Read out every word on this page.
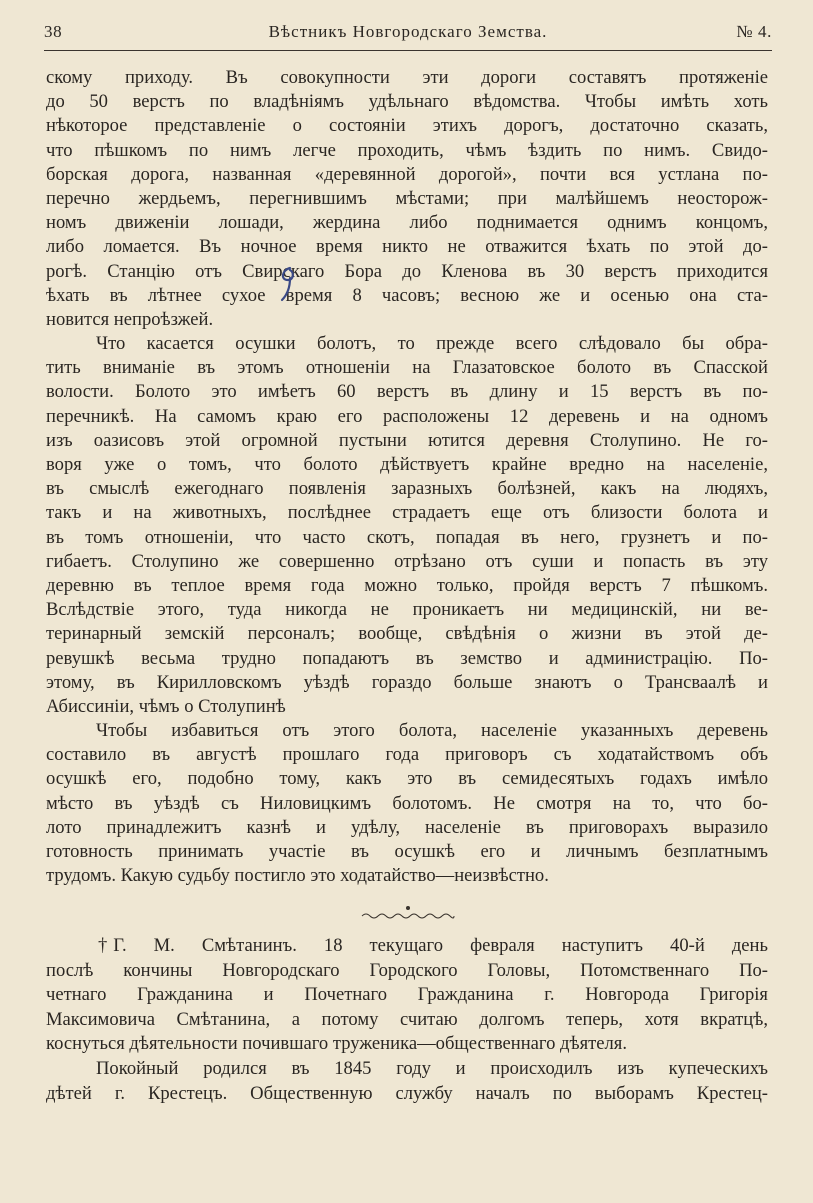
38	Вѣстникъ Новгородскаго Земства.	№ 4.
скому приходу. Въ совокупности эти дороги составятъ протяженіе
до 50 верстъ по владѣніямъ удѣльнаго вѣдомства. Чтобы имѣть хоть
нѣкоторое представленіе о состояніи этихъ дорогъ, достаточно сказать,
что пѣшкомъ по нимъ легче проходить, чѣмъ ѣздить по нимъ. Свидо-
борская дорога, названная «деревянной дорогой», почти вся устлана по-
перечно жердьемъ, перегнившимъ мѣстами; при малѣйшемъ неосторож-
номъ движеніи лошади, жердина либо поднимается однимъ концомъ,
либо ломается. Въ ночное время никто не отважится ѣхать по этой до-
рогѣ. Станцію отъ Свирскаго Бора до Кленова въ 30 верстъ приходится
ѣхать въ лѣтнее сухое время 8 часовъ; весною же и осенью она ста-
новится непроѣзжей.
Что касается осушки болотъ, то прежде всего слѣдовало бы обра-
тить вниманіе въ этомъ отношеніи на Глазатовское болото въ Спасской
волости. Болото это имѣетъ 60 верстъ въ длину и 15 верстъ въ по-
перечникѣ. На самомъ краю его расположены 12 деревень и на одномъ
изъ оазисовъ этой огромной пустыни ютится деревня Столупино. Не го-
воря уже о томъ, что болото дѣйствуетъ крайне вредно на населеніе,
въ смыслѣ ежегоднаго появленія заразныхъ болѣзней, какъ на людяхъ,
такъ и на животныхъ, послѣднее страдаетъ еще отъ близости болота и
въ томъ отношеніи, что часто скотъ, попадая въ него, грузнетъ и по-
гибаетъ. Столупино же совершенно отрѣзано отъ суши и попасть въ эту
деревню въ теплое время года можно только, пройдя верстъ 7 пѣшкомъ.
Вслѣдствіе этого, туда никогда не проникаетъ ни медицинскій, ни ве-
теринарный земскій персоналъ; вообще, свѣдѣнія о жизни въ этой де-
ревушкѣ весьма трудно попадаютъ въ земство и администрацію. По-
этому, въ Кирилловскомъ уѣздѣ гораздо больше знаютъ о Трансваалѣ и
Абиссиніи, чѣмъ о Столупинѣ
Чтобы избавиться отъ этого болота, населеніе указанныхъ деревень
составило въ августѣ прошлаго года приговоръ съ ходатайствомъ объ
осушкѣ его, подобно тому, какъ это въ семидесятыхъ годахъ имѣло
мѣсто въ уѣздѣ съ Ниловицкимъ болотомъ. Не смотря на то, что бо-
лото принадлежитъ казнѣ и удѣлу, населеніе въ приговорахъ выразило
готовность принимать участіе въ осушкѣ его и личнымъ безплатнымъ
трудомъ. Какую судьбу постигло это ходатайство—неизвѣстно.
† Г. М. Смѣтанинъ. 18 текущаго февраля наступитъ 40-й день
послѣ кончины Новгородскаго Городского Головы, Потомственнаго По-
четнаго Гражданина и Почетнаго Гражданина г. Новгорода Григорія
Максимовича Смѣтанина, а потому считаю долгомъ теперь, хотя вкратцѣ,
коснуться дѣятельности почившаго труженика—общественнаго дѣятеля.
Покойный родился въ 1845 году и происходилъ изъ купеческихъ
дѣтей г. Крестецъ. Общественную службу началъ по выборамъ Крестец-
